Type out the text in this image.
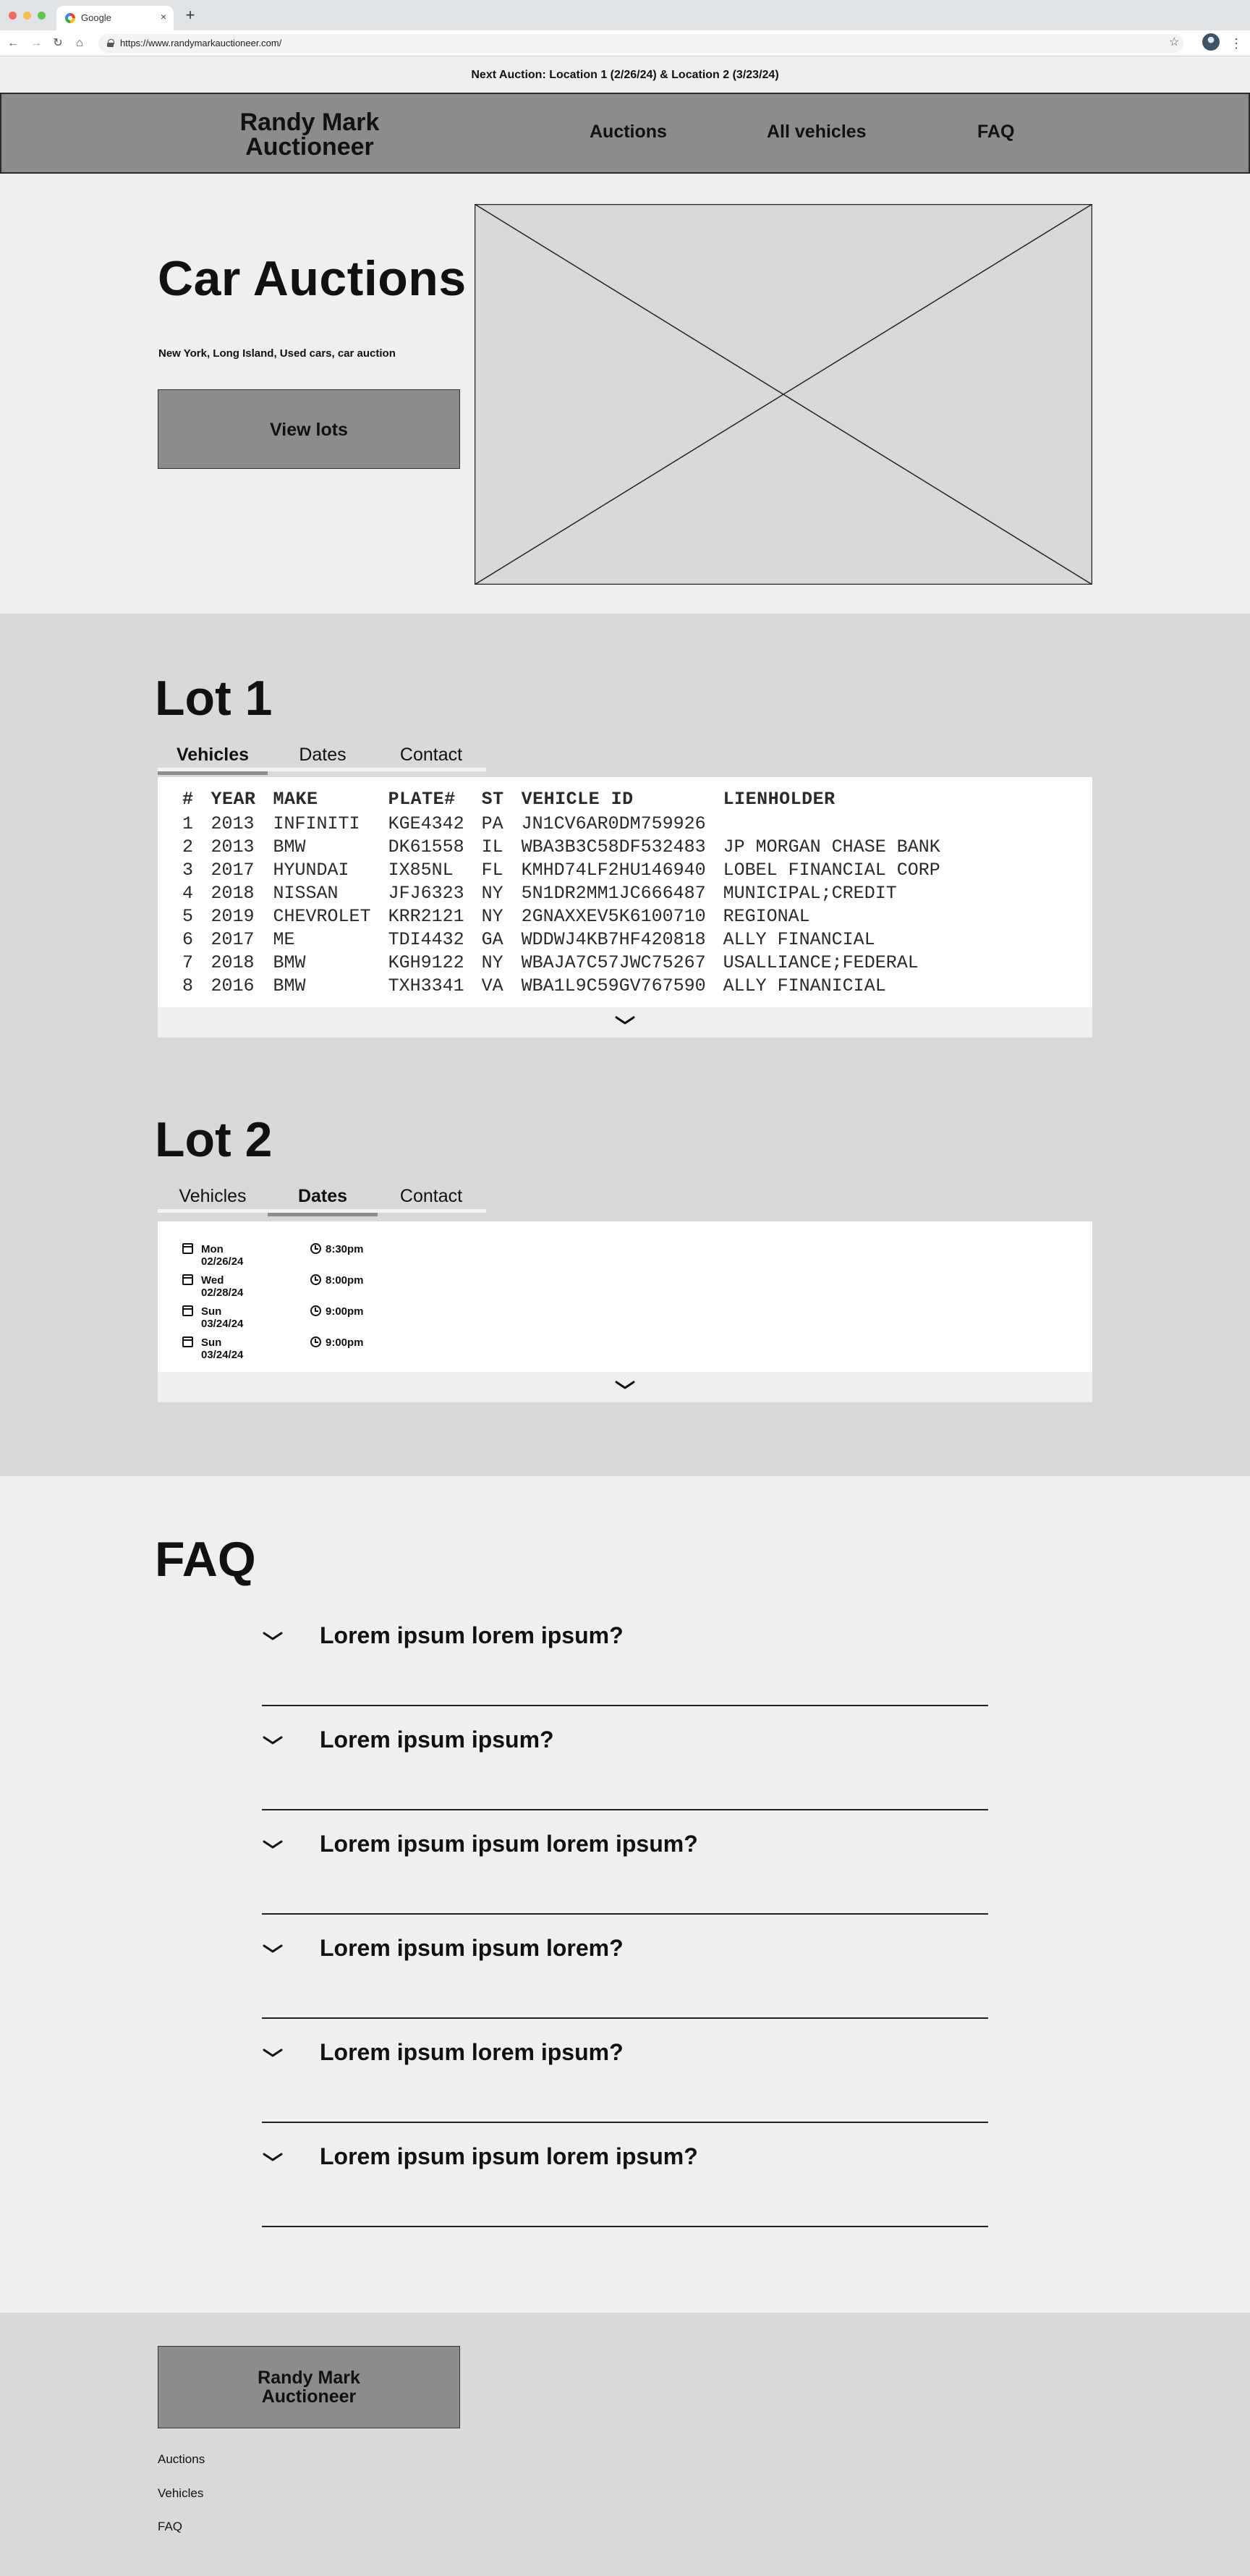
Google	× +
← → ↻	⌂	https://www.randymarkauctioneer.com/	☆	⋮
Next Auction: Location 1 (2/26/24) & Location 2 (3/23/24)
Randy Mark
Auctioneer
Auctions	All vehicles	FAQ
Car Auctions
New York, Long Island, Used cars, car auction
View lots
Lot 1
Vehicles	Dates	Contact
#	YEAR	MAKE	PLATE#	ST	VEHICLE ID	LIENHOLDER
1	2013	INFINITI	KGE4342	PA	JN1CV6AR0DM759926	
2	2013	BMW	DK61558	IL	WBA3B3C58DF532483	JP MORGAN CHASE BANK
3	2017	HYUNDAI	IX85NL	FL	KMHD74LF2HU146940	LOBEL FINANCIAL CORP
4	2018	NISSAN	JFJ6323	NY	5N1DR2MM1JC666487	MUNICIPAL;CREDIT
5	2019	CHEVROLET	KRR2121	NY	2GNAXXEV5K6100710	REGIONAL
6	2017	ME	TDI4432	GA	WDDWJ4KB7HF420818	ALLY FINANCIAL
7	2018	BMW	KGH9122	NY	WBAJA7C57JWC75267	USALLIANCE;FEDERAL
8	2016	BMW	TXH3341	VA	WBA1L9C59GV767590	ALLY FINANICIAL
Lot 2
Vehicles	Dates	Contact
Mon 02/26/24
8:30pm
Wed 02/28/24
8:00pm
Sun 03/24/24
9:00pm
Sun 03/24/24
9:00pm
FAQ
Lorem ipsum lorem ipsum?
Lorem ipsum ipsum?
Lorem ipsum ipsum lorem ipsum?
Lorem ipsum ipsum lorem?
Lorem ipsum lorem ipsum?
Lorem ipsum ipsum lorem ipsum?
Randy Mark
Auctioneer
Auctions
Vehicles
FAQ
